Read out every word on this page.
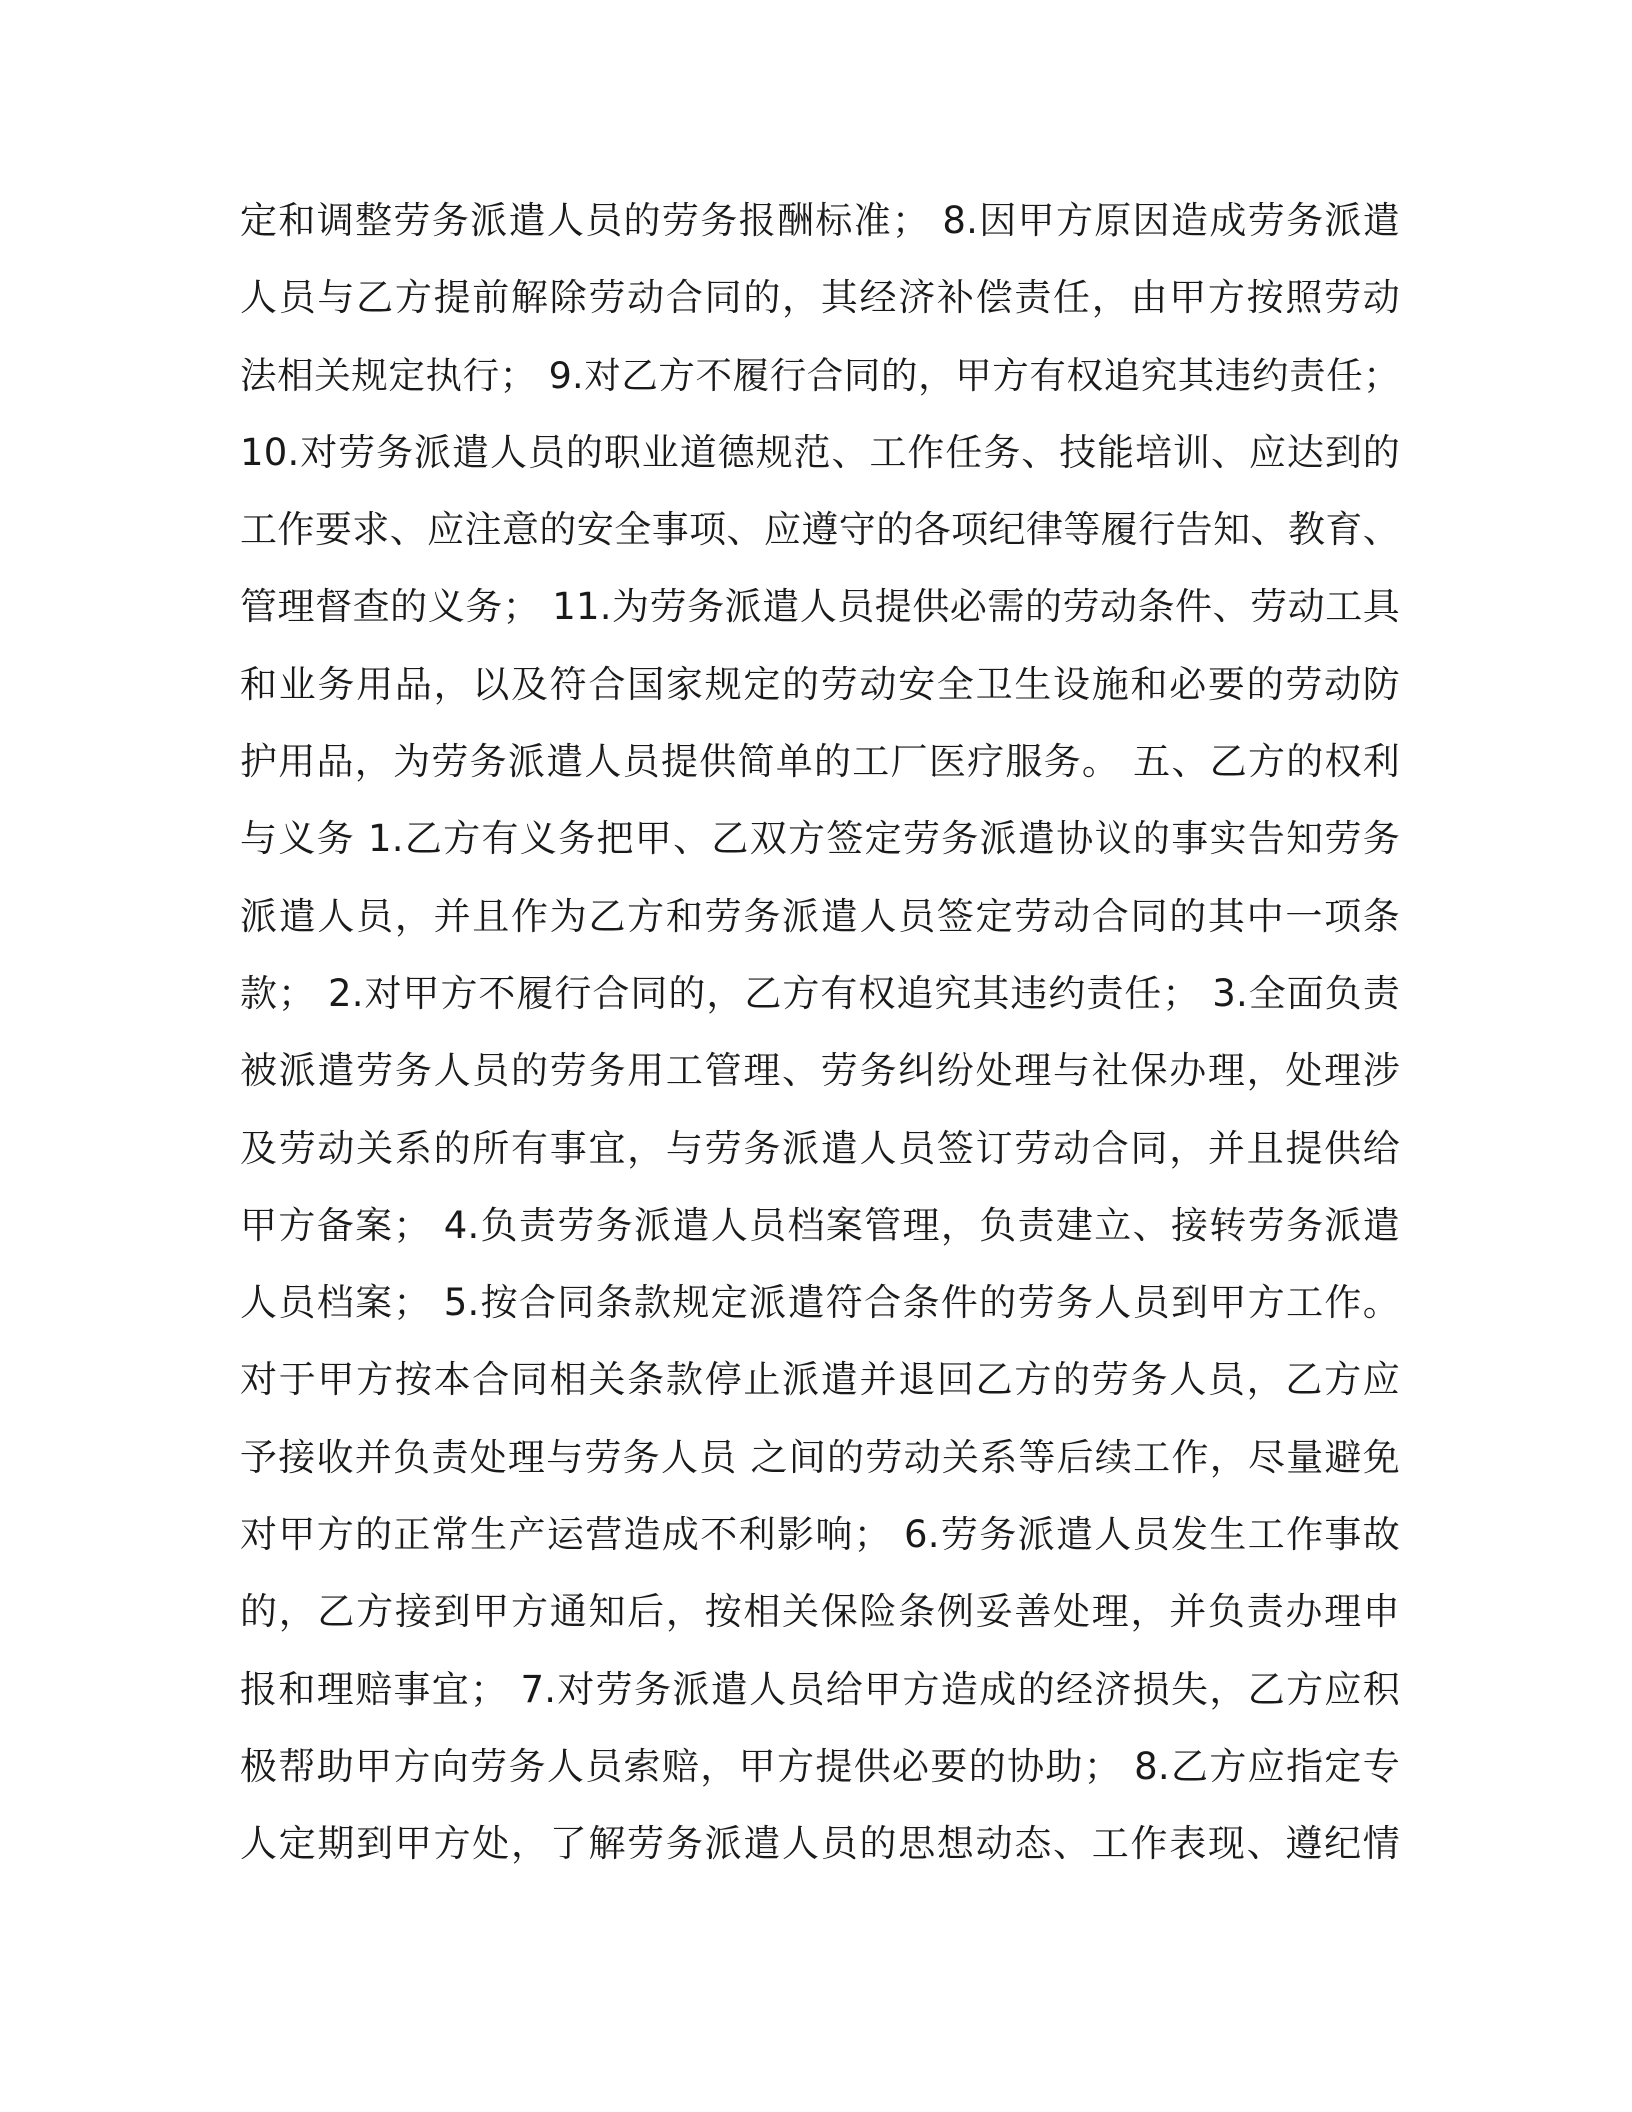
定和调整劳务派遣人员的劳务报酬标准； 8.因甲方原因造成劳务派遣
人员与乙方提前解除劳动合同的，其经济补偿责任，由甲方按照劳动
法相关规定执行； 9.对乙方不履行合同的，甲方有权追究其违约责任；
10.对劳务派遣人员的职业道德规范、工作任务、技能培训、应达到的
工作要求、应注意的安全事项、应遵守的各项纪律等履行告知、教育、
管理督查的义务； 11.为劳务派遣人员提供必需的劳动条件、劳动工具
和业务用品，以及符合国家规定的劳动安全卫生设施和必要的劳动防
护用品，为劳务派遣人员提供简单的工厂医疗服务。 五、乙方的权利
与义务 1.乙方有义务把甲、乙双方签定劳务派遣协议的事实告知劳务
派遣人员，并且作为乙方和劳务派遣人员签定劳动合同的其中一项条
款； 2.对甲方不履行合同的，乙方有权追究其违约责任； 3.全面负责
被派遣劳务人员的劳务用工管理、劳务纠纷处理与社保办理，处理涉
及劳动关系的所有事宜，与劳务派遣人员签订劳动合同，并且提供给
甲方备案； 4.负责劳务派遣人员档案管理，负责建立、接转劳务派遣
人员档案； 5.按合同条款规定派遣符合条件的劳务人员到甲方工作。
对于甲方按本合同相关条款停止派遣并退回乙方的劳务人员，乙方应
予接收并负责处理与劳务人员 之间的劳动关系等后续工作，尽量避免
对甲方的正常生产运营造成不利影响； 6.劳务派遣人员发生工作事故
的，乙方接到甲方通知后，按相关保险条例妥善处理，并负责办理申
报和理赔事宜； 7.对劳务派遣人员给甲方造成的经济损失，乙方应积
极帮助甲方向劳务人员索赔，甲方提供必要的协助； 8.乙方应指定专
人定期到甲方处，了解劳务派遣人员的思想动态、工作表现、遵纪情
